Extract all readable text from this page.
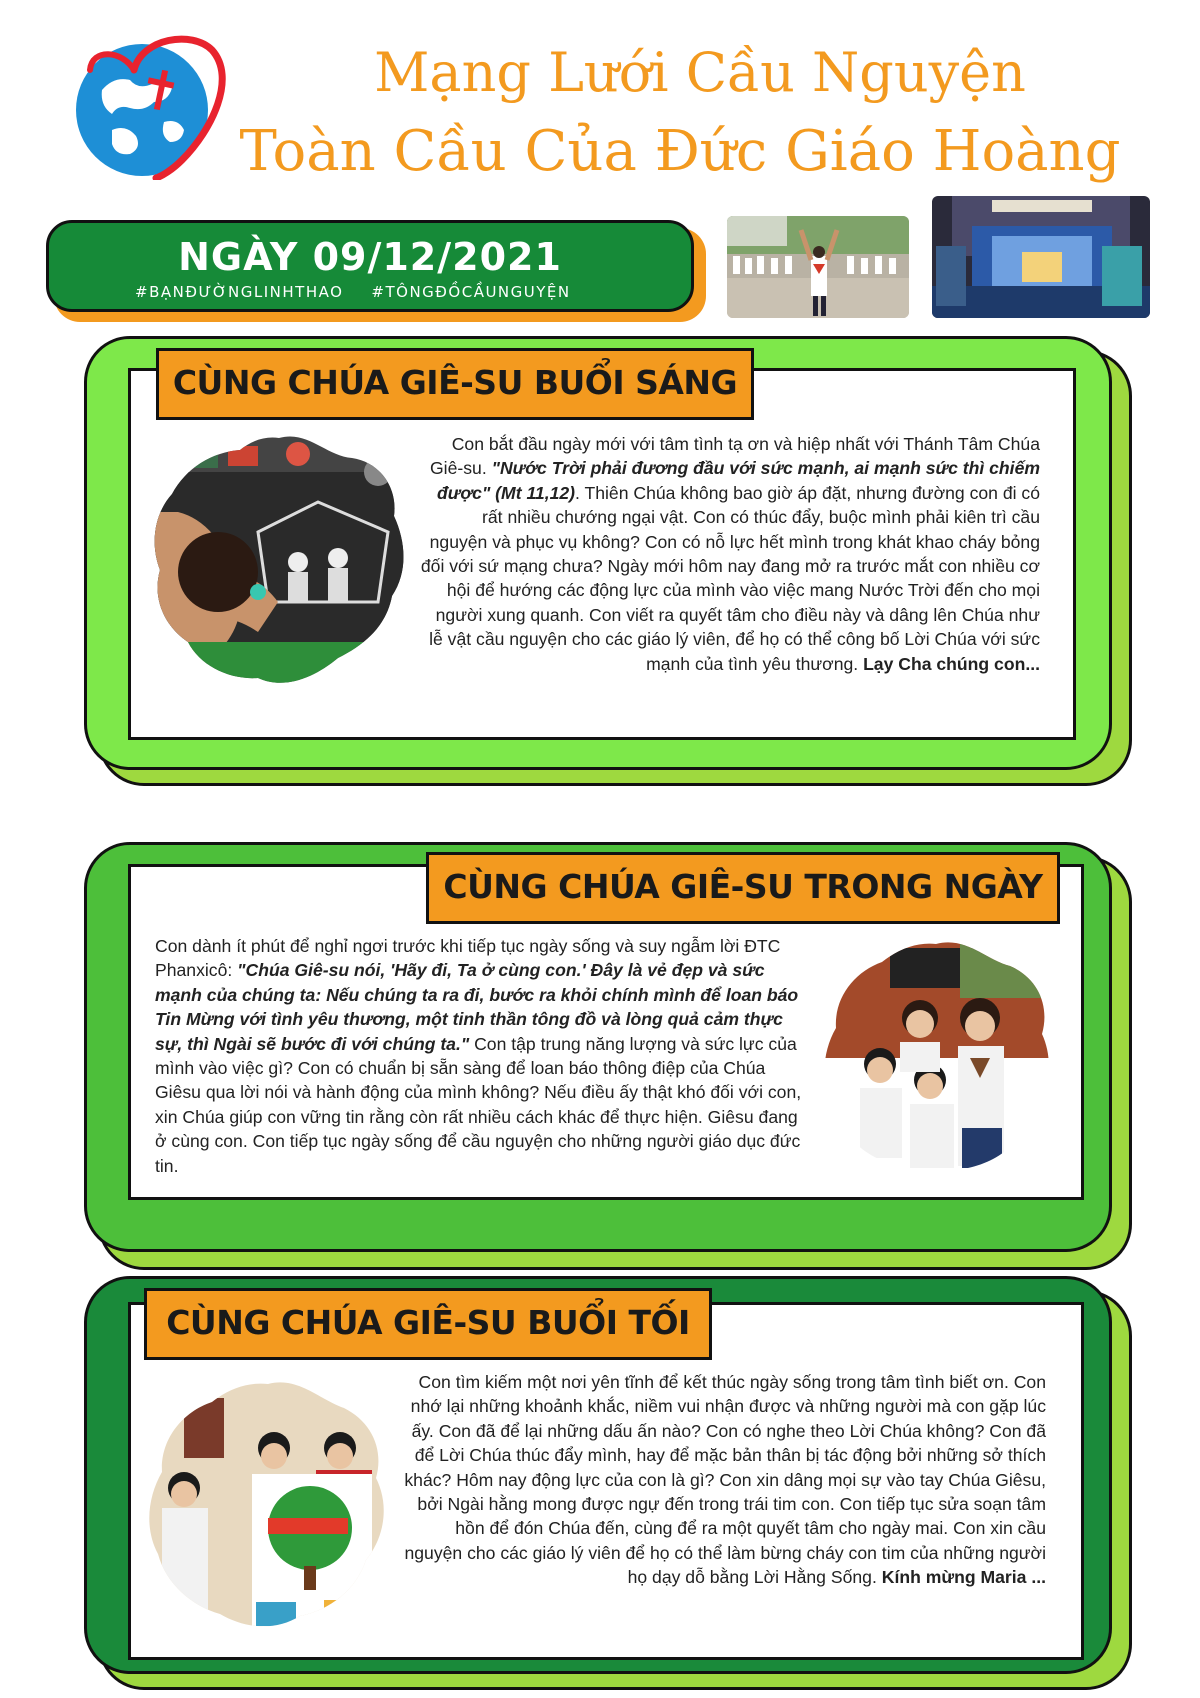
Mạng Lưới Cầu Nguyện
Toàn Cầu Của Đức Giáo Hoàng
NGÀY 09/12/2021
#BẠNĐƯỜNGLINHTHAO #TÔNGĐỒCẦUNGUYỆN
CÙNG CHÚA GIÊ-SU BUỔI SÁNG
Con bắt đầu ngày mới với tâm tình tạ ơn và hiệp nhất với Thánh Tâm Chúa Giê-su. "Nước Trời phải đương đầu với sức mạnh, ai mạnh sức thì chiếm được" (Mt 11,12). Thiên Chúa không bao giờ áp đặt, nhưng đường con đi có rất nhiều chướng ngại vật. Con có thúc đẩy, buộc mình phải kiên trì cầu nguyện và phục vụ không? Con có nỗ lực hết mình trong khát khao cháy bỏng đối với sứ mạng chưa? Ngày mới hôm nay đang mở ra trước mắt con nhiều cơ hội để hướng các động lực của mình vào việc mang Nước Trời đến cho mọi người xung quanh. Con viết ra quyết tâm cho điều này và dâng lên Chúa như lễ vật cầu nguyện cho các giáo lý viên, để họ có thể công bố Lời Chúa với sức mạnh của tình yêu thương. Lạy Cha chúng con...
CÙNG CHÚA GIÊ-SU TRONG NGÀY
Con dành ít phút để nghỉ ngơi trước khi tiếp tục ngày sống và suy ngẫm lời ĐTC Phanxicô: "Chúa Giê-su nói, 'Hãy đi, Ta ở cùng con.' Đây là vẻ đẹp và sức mạnh của chúng ta: Nếu chúng ta ra đi, bước ra khỏi chính mình để loan báo Tin Mừng với tình yêu thương, một tinh thần tông đồ và lòng quả cảm thực sự, thì Ngài sẽ bước đi với chúng ta." Con tập trung năng lượng và sức lực của mình vào việc gì? Con có chuẩn bị sẵn sàng để loan báo thông điệp của Chúa Giêsu qua lời nói và hành động của mình không? Nếu điều ấy thật khó đối với con, xin Chúa giúp con vững tin rằng còn rất nhiều cách khác để thực hiện. Giêsu đang ở cùng con. Con tiếp tục ngày sống để cầu nguyện cho những người giáo dục đức tin.
CÙNG CHÚA GIÊ-SU BUỔI TỐI
Con tìm kiếm một nơi yên tĩnh để kết thúc ngày sống trong tâm tình biết ơn. Con nhớ lại những khoảnh khắc, niềm vui nhận được và những người mà con gặp lúc ấy. Con đã để lại những dấu ấn nào? Con có nghe theo Lời Chúa không? Con đã để Lời Chúa thúc đẩy mình, hay để mặc bản thân bị tác động bởi những sở thích khác? Hôm nay động lực của con là gì? Con xin dâng mọi sự vào tay Chúa Giêsu, bởi Ngài hằng mong được ngự đến trong trái tim con. Con tiếp tục sửa soạn tâm hồn để đón Chúa đến, cùng để ra một quyết tâm cho ngày mai. Con xin cầu nguyện cho các giáo lý viên để họ có thể làm bừng cháy con tim của những người họ dạy dỗ bằng Lời Hằng Sống. Kính mừng Maria ...
